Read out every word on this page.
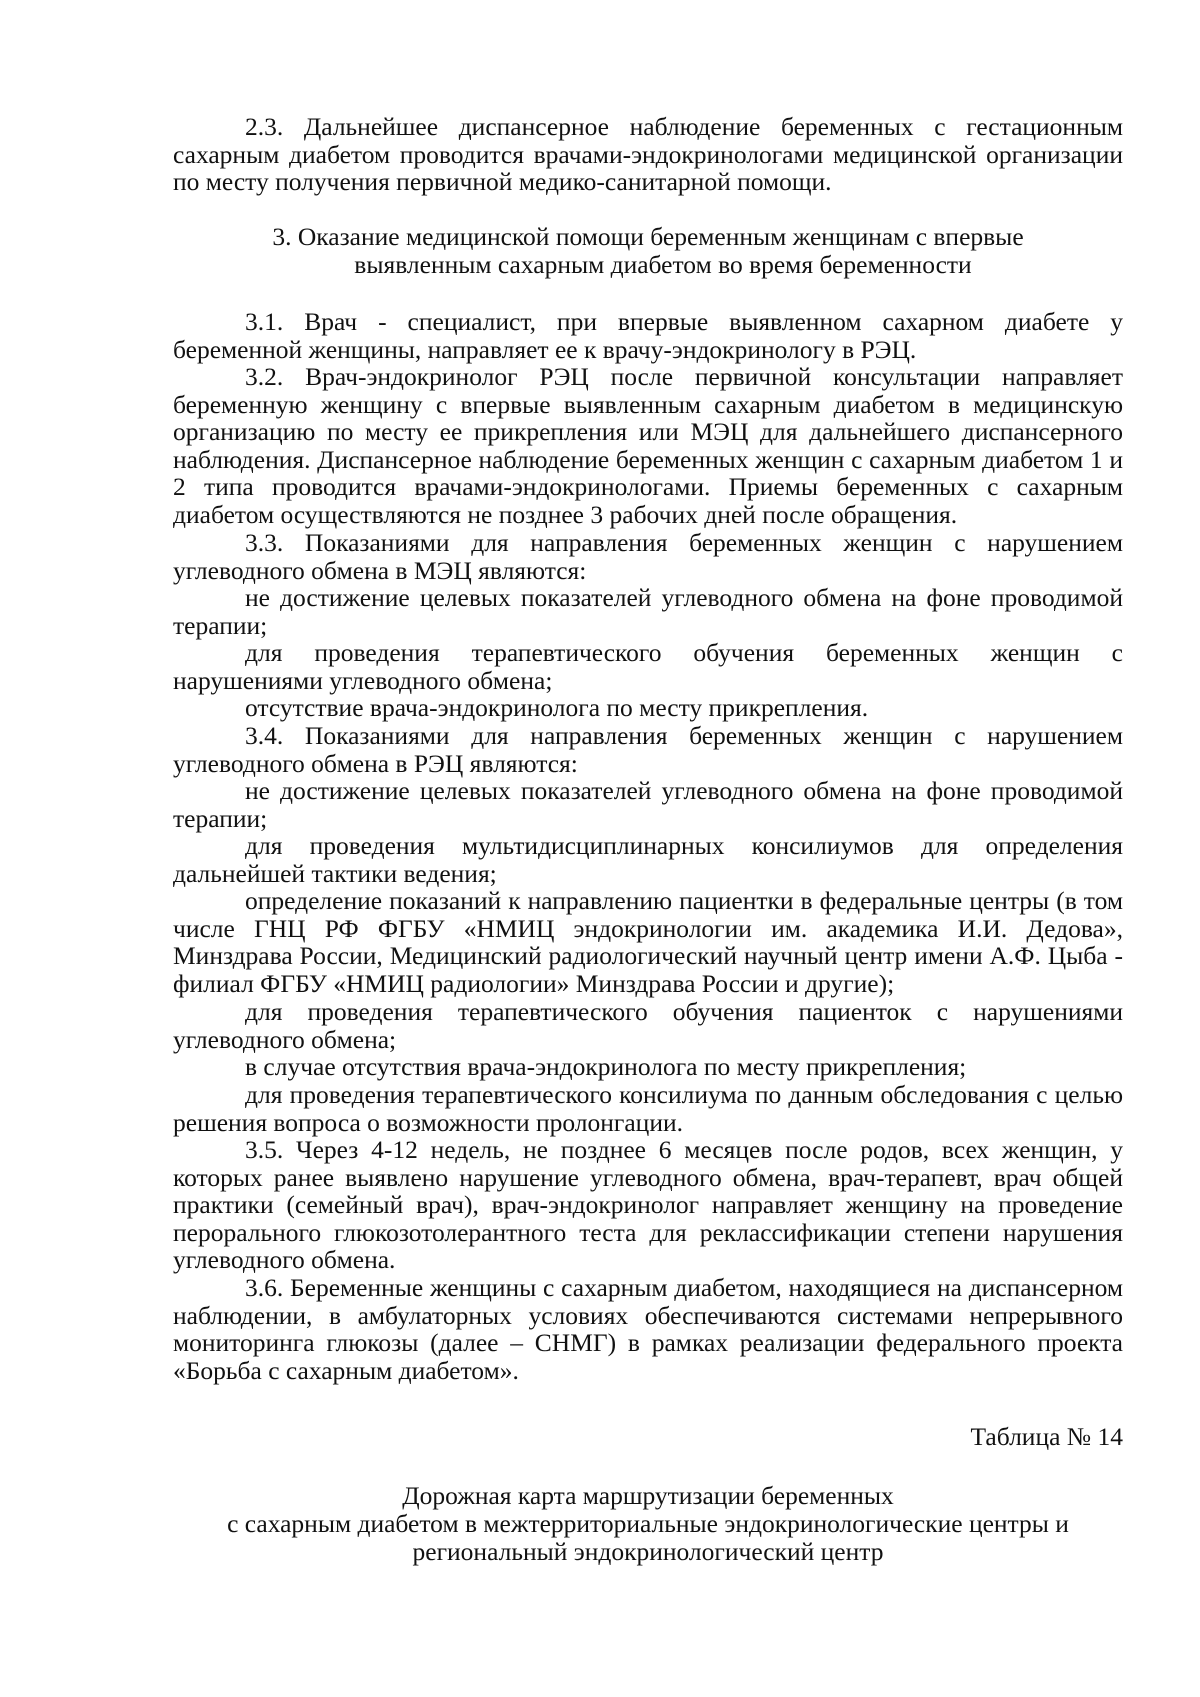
2.3. Дальнейшее диспансерное наблюдение беременных с гестационным сахарным диабетом проводится врачами-эндокринологами медицинской организации по месту получения первичной медико-санитарной помощи.

3. Оказание медицинской помощи беременным женщинам с впервые

выявленным сахарным диабетом во время беременности

3.1. Врач - специалист, при впервые выявленном сахарном диабете у беременной женщины, направляет ее к врачу-эндокринологу в РЭЦ.

3.2. Врач-эндокринолог РЭЦ после первичной консультации направляет беременную женщину с впервые выявленным сахарным диабетом в медицинскую организацию по месту ее прикрепления или МЭЦ для дальнейшего диспансерного наблюдения. Диспансерное наблюдение беременных женщин с сахарным диабетом 1 и 2 типа проводится врачами-эндокринологами. Приемы беременных с сахарным диабетом осуществляются не позднее 3 рабочих дней после обращения.

3.3. Показаниями для направления беременных женщин с нарушением углеводного обмена в МЭЦ являются:

не достижение целевых показателей углеводного обмена на фоне проводимой терапии;

для проведения терапевтического обучения беременных женщин с нарушениями углеводного обмена;

отсутствие врача-эндокринолога по месту прикрепления.

3.4. Показаниями для направления беременных женщин с нарушением углеводного обмена в РЭЦ являются:

не достижение целевых показателей углеводного обмена на фоне проводимой терапии;

для проведения мультидисциплинарных консилиумов для определения дальнейшей тактики ведения;

определение показаний к направлению пациентки в федеральные центры (в том числе ГНЦ РФ ФГБУ «НМИЦ эндокринологии им. академика И.И. Дедова», Минздрава России, Медицинский радиологический научный центр имени А.Ф. Цыба - филиал ФГБУ «НМИЦ радиологии» Минздрава России и другие);

для проведения терапевтического обучения пациенток с нарушениями углеводного обмена;

в случае отсутствия врача-эндокринолога по месту прикрепления;

для проведения терапевтического консилиума по данным обследования с целью решения вопроса о возможности пролонгации.

3.5. Через 4-12 недель, не позднее 6 месяцев после родов, всех женщин, у которых ранее выявлено нарушение углеводного обмена, врач-терапевт, врач общей практики (семейный врач), врач-эндокринолог направляет женщину на проведение перорального глюкозотолерантного теста для реклассификации степени нарушения углеводного обмена.

3.6. Беременные женщины с сахарным диабетом, находящиеся на диспансерном наблюдении, в амбулаторных условиях обеспечиваются системами непрерывного мониторинга глюкозы (далее – СНМГ) в рамках реализации федерального проекта «Борьба с сахарным диабетом».

Таблица № 14

Дорожная карта маршрутизации беременных

с сахарным диабетом в межтерриториальные эндокринологические центры и

региональный эндокринологический центр
